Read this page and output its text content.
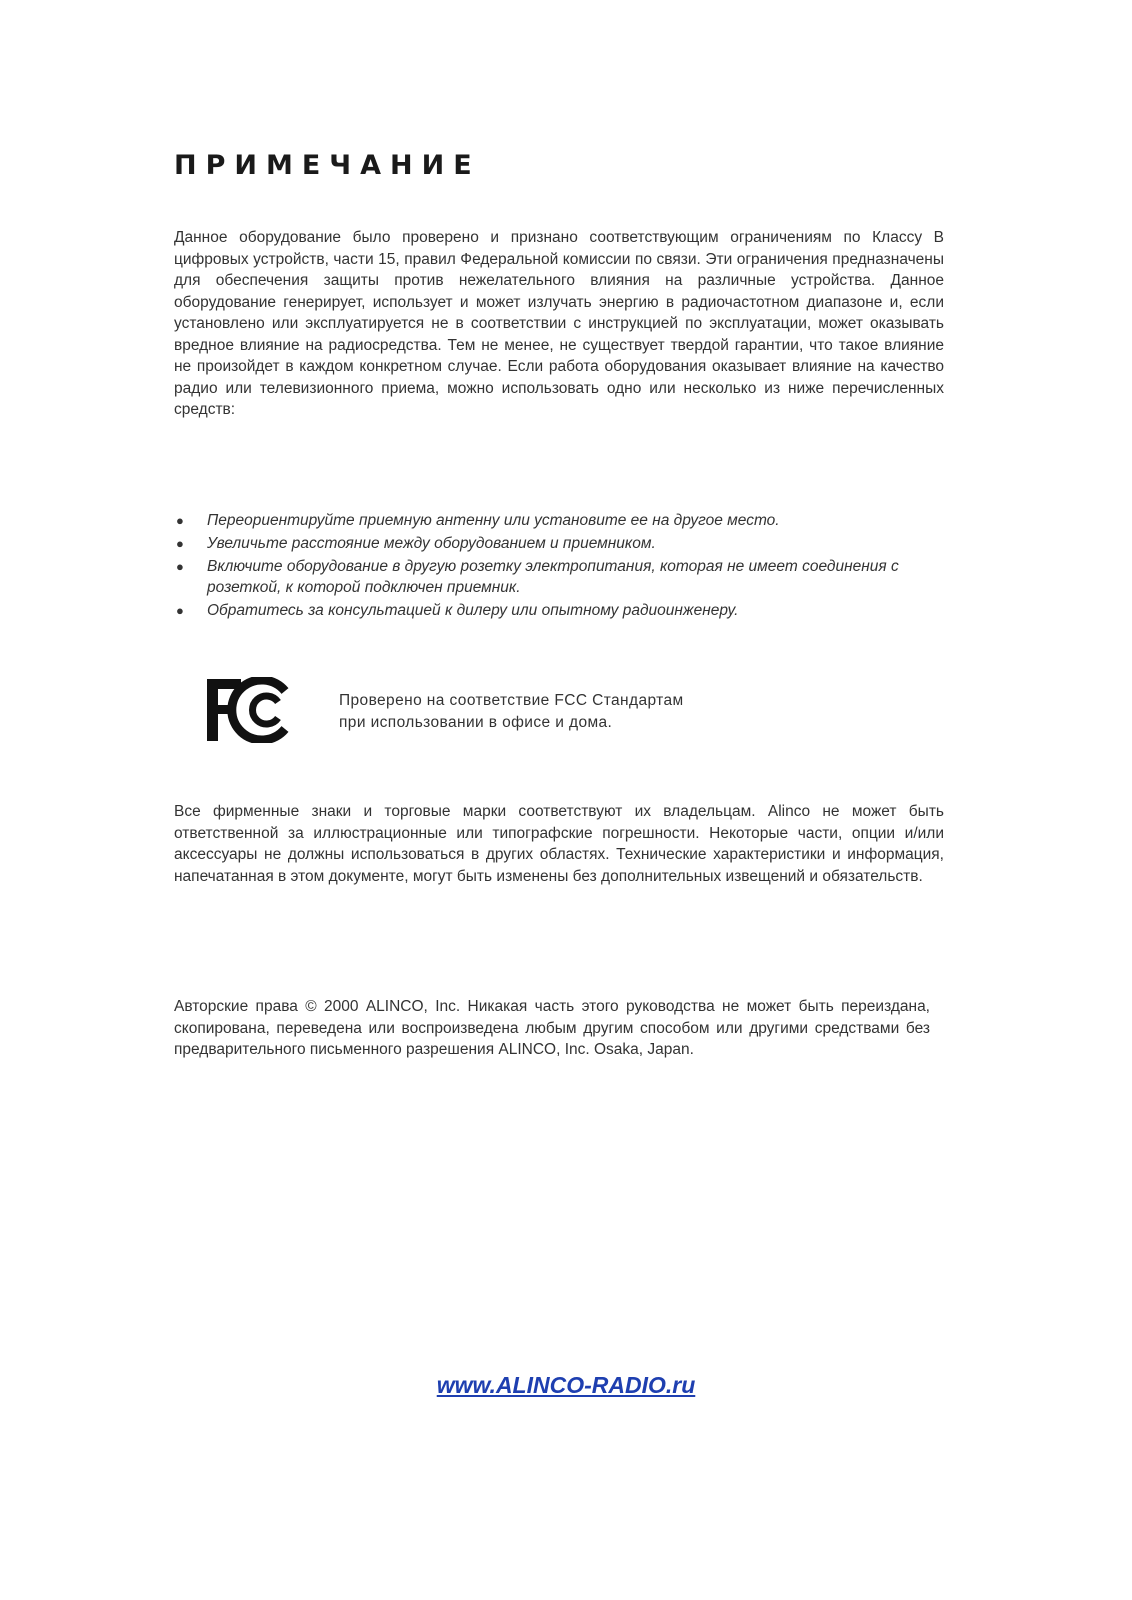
ПРИМЕЧАНИЕ

Данное оборудование было проверено и признано соответствующим ограничениям по Классу В цифровых устройств, части 15, правил Федеральной комиссии по связи. Эти ограничения предназначены для обеспечения защиты против нежелательного влияния на различные устройства. Данное оборудование генерирует, использует и может излучать энергию в радиочастотном диапазоне и, если установлено или эксплуатируется не в соответствии с инструкцией по эксплуатации, может оказывать вредное влияние на радиосредства. Тем не менее, не существует твердой гарантии, что такое влияние не произойдет в каждом конкретном случае. Если работа оборудования оказывает влияние на качество радио или телевизионного приема, можно использовать одно или несколько из ниже перечисленных средств:

● Переориентируйте приемную антенну или установите ее на другое место.
● Увеличьте расстояние между оборудованием и приемником.
● Включите оборудование в другую розетку электропитания, которая не имеет соединения с розеткой, к которой подключен приемник.
● Обратитесь за консультацией к дилеру или опытному радиоинженеру.
Проверено на соответствие FCC Стандартам
при использовании в офисе и дома.

Все фирменные знаки и торговые марки соответствуют их владельцам. Alinco не может быть ответственной за иллюстрационные или типографские погрешности. Некоторые части, опции и/или аксессуары не должны использоваться в других областях. Технические характеристики и информация, напечатанная в этом документе, могут быть изменены без дополнительных извещений и обязательств.

Авторские права © 2000 ALINCO, Inc. Никакая часть этого руководства не может быть переиздана, скопирована, переведена или воспроизведена любым другим способом или другими средствами без предварительного письменного разрешения ALINCO, Inc. Osaka, Japan.

www.ALINCO-RADIO.ru
